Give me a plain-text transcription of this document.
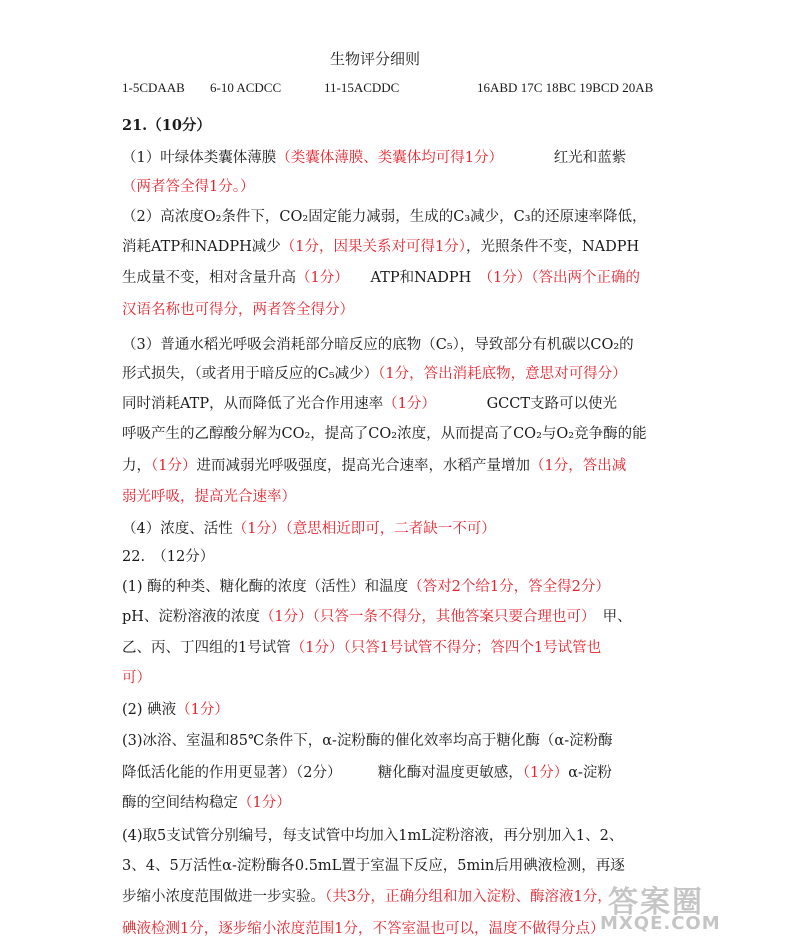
生物评分细则
1-5CDAAB 6-10 ACDCC	11-15ACDDC	16ABD 17C 18BC 19BCD 20AB
21.（10分）
（1）叶绿体类囊体薄膜（类囊体薄膜、类囊体均可得1分）　　　　红光和蓝紫
（两者答全得1分。）
（2）高浓度O₂条件下，CO₂固定能力减弱，生成的C₃减少，C₃的还原速率降低，
消耗ATP和NADPH减少（1分，因果关系对可得1分），光照条件不变，NADPH
生成量不变，相对含量升高（1分）　　ATP和NADPH　（1分）（答出两个正确的
汉语名称也可得分，两者答全得分）
（3）普通水稻光呼吸会消耗部分暗反应的底物（C₅），导致部分有机碳以CO₂的
形式损失，（或者用于暗反应的C₅减少）（1分，答出消耗底物，意思对可得分）
同时消耗ATP，从而降低了光合作用速率（1分）　　　　GCCT支路可以使光
呼吸产生的乙醇酸分解为CO₂，提高了CO₂浓度，从而提高了CO₂与O₂竞争酶的能
力，（1分）进而减弱光呼吸强度，提高光合速率，水稻产量增加（1分，答出减
弱光呼吸，提高光合速率）
（4）浓度、活性（1分）（意思相近即可，二者缺一不可）
22.　（12分）
(1) 酶的种类、糖化酶的浓度（活性）和温度（答对2个给1分，答全得2分）
pH、淀粉溶液的浓度（1分）（只答一条不得分，其他答案只要合理也可）　甲、
乙、丙、丁四组的1号试管（1分）（只答1号试管不得分；答四个1号试管也
可）
(2) 碘液（1分）
(3)冰浴、室温和85℃条件下，α-淀粉酶的催化效率均高于糖化酶（α-淀粉酶
降低活化能的作用更显著）（2分）　　　糖化酶对温度更敏感，（1分）α-淀粉
酶的空间结构稳定（1分）
(4)取5支试管分别编号，每支试管中均加入1mL淀粉溶液，再分别加入1、2、
3、4、5万活性α-淀粉酶各0.5mL置于室温下反应，5min后用碘液检测，再逐
步缩小浓度范围做进一步实验。（共3分，正确分组和加入淀粉、酶溶液1分，
碘液检测1分，逐步缩小浓度范围1分，不答室温也可以，温度不做得分点）
答案圈
MXQE.COM
